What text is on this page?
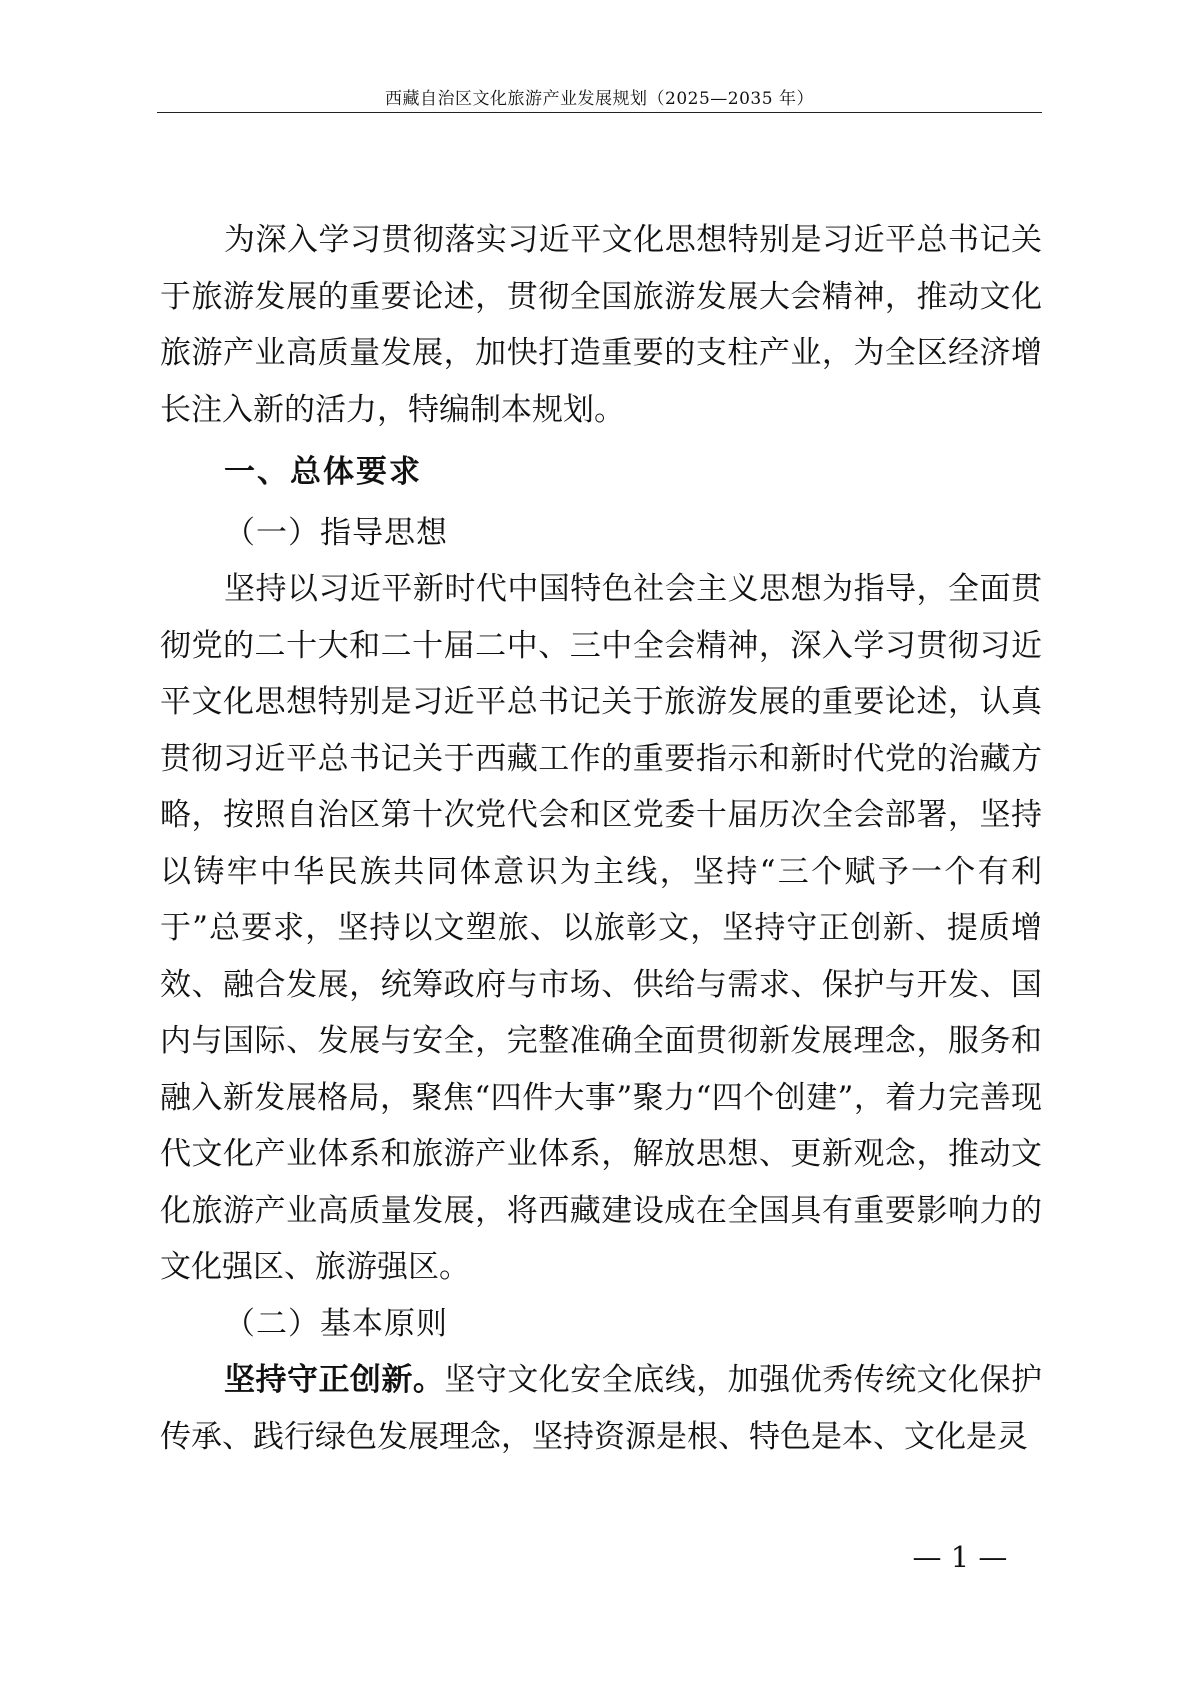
西藏自治区文化旅游产业发展规划（2025—2035 年）

为深入学习贯彻落实习近平文化思想特别是习近平总书记关于旅游发展的重要论述，贯彻全国旅游发展大会精神，推动文化旅游产业高质量发展，加快打造重要的支柱产业，为全区经济增长注入新的活力，特编制本规划。

一、总体要求

（一）指导思想

坚持以习近平新时代中国特色社会主义思想为指导，全面贯彻党的二十大和二十届二中、三中全会精神，深入学习贯彻习近平文化思想特别是习近平总书记关于旅游发展的重要论述，认真贯彻习近平总书记关于西藏工作的重要指示和新时代党的治藏方略，按照自治区第十次党代会和区党委十届历次全会部署，坚持以铸牢中华民族共同体意识为主线，坚持“三个赋予一个有利于”总要求，坚持以文塑旅、以旅彰文，坚持守正创新、提质增效、融合发展，统筹政府与市场、供给与需求、保护与开发、国内与国际、发展与安全，完整准确全面贯彻新发展理念，服务和融入新发展格局，聚焦“四件大事”聚力“四个创建”，着力完善现代文化产业体系和旅游产业体系，解放思想、更新观念，推动文化旅游产业高质量发展，将西藏建设成在全国具有重要影响力的文化强区、旅游强区。

（二）基本原则

坚持守正创新。坚守文化安全底线，加强优秀传统文化保护传承、践行绿色发展理念，坚持资源是根、特色是本、文化是灵

— 1 —
